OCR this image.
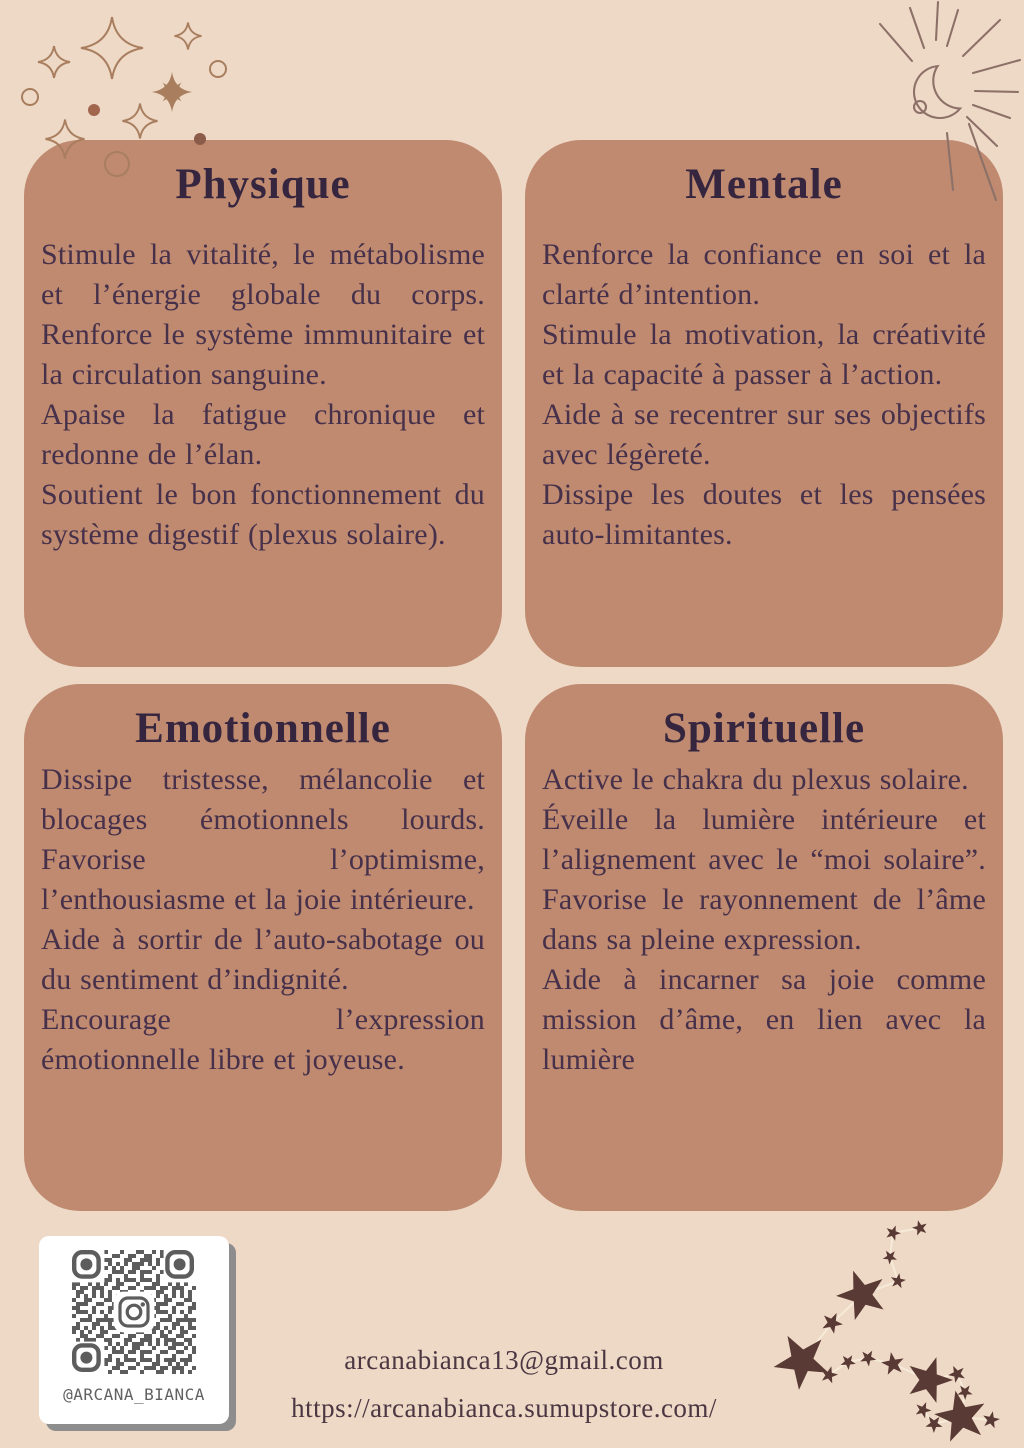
Physique

Stimule la vitalité, le métabolisme et l’énergie globale du corps. Renforce le système immunitaire et la circulation sanguine.

Apaise la fatigue chronique et redonne de l’élan.

Soutient le bon fonctionnement du système digestif (plexus solaire).

Mentale

Renforce la confiance en soi et la clarté d’intention.

Stimule la motivation, la créativité et la capacité à passer à l’action.

Aide à se recentrer sur ses objectifs avec légèreté.

Dissipe les doutes et les pensées auto-limitantes.

Emotionnelle

Dissipe tristesse, mélancolie et blocages émotionnels lourds. Favorise l’optimisme, l’enthousiasme et la joie intérieure.

Aide à sortir de l’auto-sabotage ou du sentiment d’indignité.

Encourage l’expression émotionnelle libre et joyeuse.

Spirituelle

Active le chakra du plexus solaire.

Éveille la lumière intérieure et l’alignement avec le “moi solaire”. Favorise le rayonnement de l’âme dans sa pleine expression.

Aide à incarner sa joie comme mission d’âme, en lien avec la lumière

@ARCANA_BIANCA
arcanabianca13@gmail.com
https://arcanabianca.sumupstore.com/
